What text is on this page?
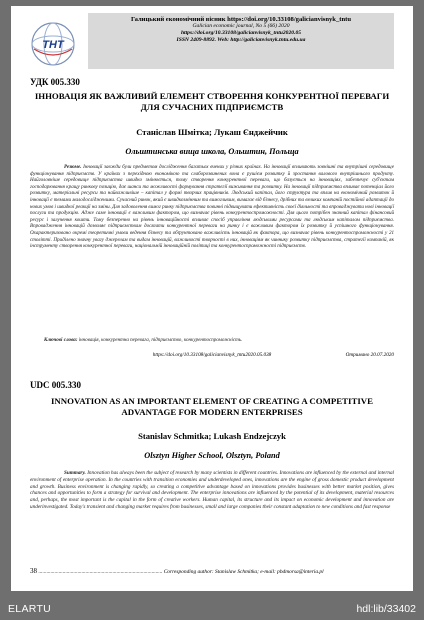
ТНТ
Галицький економічний вісник https://doi.org/10.33108/galicianvisnyk_tntu
Galician economic journal, No 5 (66) 2020
https://doi.org/10.33108/galicianvisnyk_tntu2020.05
ISSN 2409-8892. Web: http://galicianvisnyk.tntu.edu.ua
УДК 005.330
ІННОВАЦІЯ ЯК ВАЖЛИВИЙ ЕЛЕМЕНТ СТВОРЕННЯ КОНКУРЕНТНОЇ ПЕРЕВАГИ ДЛЯ СУЧАСНИХ ПІДПРИЄМСТВ
Станіслав Шмітка; Лукаш Єнджейчик
Ольштинська вища школа, Ольштин, Польща
Резюме. Інновації завжди були предметом дослідження багатьох вчених у різних країнах. На інновації впливають зовнішні та внутрішні середовище функціонування підприємств. У країнах з перехідною економікою та слаборозвинених вона є рушієм розвитку й зростання валового внутрішнього продукту. Найголовніше середовище підприємства швидко змінюється, тому створення конкурентної переваги, що базується на інноваціях, забезпечує суб'єктам господарювання кращу ринкову позицію, дає шанси та можливості формування стратегії виживання та розвитку. На інновації підприємства впливає потенціал його розвитку, матеріальні ресурси та найважливіше – капітал у формі творчих працівників. Людський капітал, його структура та вплив на економічний розвиток й інновації є темами малодослідженими. Сучасний ринок, який є швидкозмінним та вимогливим, вимагає від бізнесу, дрібних та великих компаній постійної адаптації до нових умов і швидкої реакції на зміни. Для задоволення вимог ринку підприємства повинні підвищувати ефективність своєї діяльності та впроваджувати нові інновації послуги та продукцію. Адже саме інновації є важливим фактором, що визначає рівень конкурентоспроможності. Для цього потрібен значний капітал фінансовий ресурс і залучення кошти. Тому безперечно на рівень інноваційності впливає спосіб управління людськими ресурсами та людським капіталом підприємства. Впровадження інновацій дозволяє підприємствам досягати конкурентної переваги на ринку і є важливим фактором їх розвитку й успішного функціонування. Охарактеризовано окремі теоретичні умови ведення бізнесу та обґрунтовано важливість інновацій як фактора, що визначає рівень конкурентоспроможності у 21 столітті. Приділено значну увагу джерелам та видам інновацій, важливості творчості в них, інноваціям як чиннику розвитку підприємства, стратегії компаній, як інструменту створення конкурентної переваги, національній інноваційній політиці та конкурентоспроможності підприємств.
Ключові слова: інновація, конкурентна перевага, підприємство, конкурентоспроможність.
https://doi.org/10.33108/galicianvisnyk_tntu2020.05.038	Отримано 20.07.2020
UDC 005.330
INNOVATION AS AN IMPORTANT ELEMENT OF CREATING A COMPETITIVE ADVANTAGE FOR MODERN ENTERPRISES
Stanislav Schmitka; Lukash Endzejczyk
Olsztyn Higher School, Olsztyn, Poland
Summary. Innovation has always been the subject of research by many scientists in different countries. Innovations are influenced by the external and internal environment of enterprise operation. In the countries with transition economies and underdeveloped ones, innovations are the engine of gross domestic product development and growth. Business environment is changing rapidly, so creating a competitive advantage based on innovations provides businesses with better market position, gives chances and opportunities to form a strategy for survival and development. The enterprise innovations are influenced by the potential of its development, material resources and, perhaps, the most important is the capital in the form of creative workers. Human capital, its structure and its impact on economic development and innovation are underinvestigated. Today's transient and changing market requires from businesses, small and large companies their constant adaptation to new conditions and fast response
38 ............................................................................................ Corresponding author: Stanislaw Schmitka; e-mail: pbdmorsa@interia.pl
ELARTU	hdl:lib/33402
